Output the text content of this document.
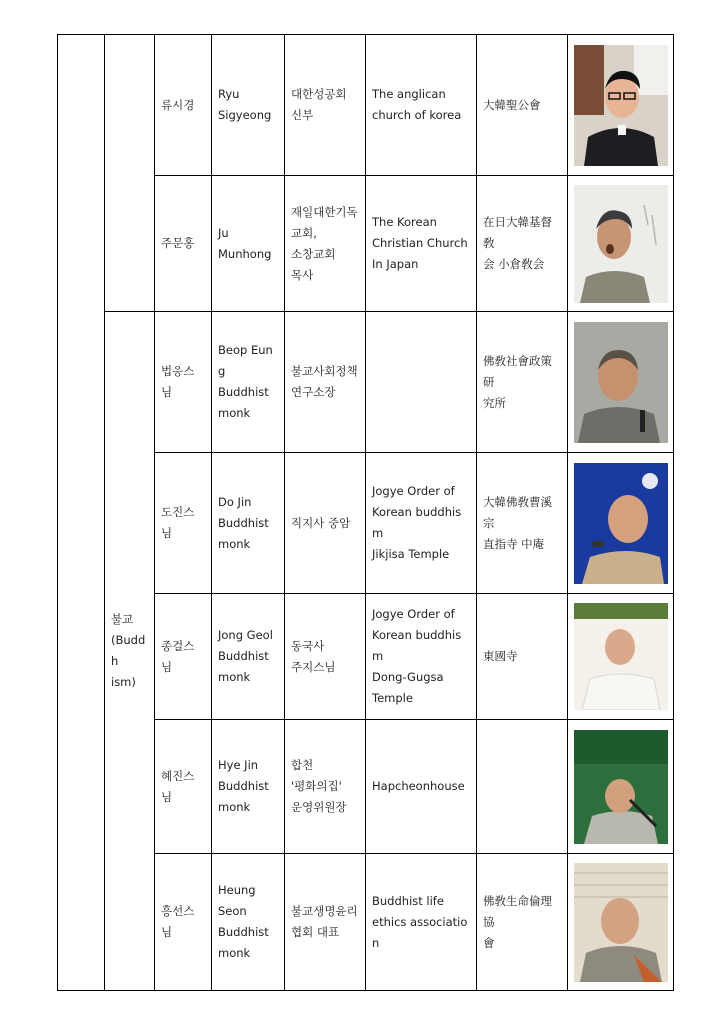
		류시경	Ryu
Sigyeong	대한성공회
신부	The anglican
church of korea	大韓聖公會	

		주문홍	Ju
Munhong	재일대한기독
교회,
소창교회
목사	The Korean
Christian Church
In Japan	在日大韓基督敎
会 小倉敎会	

	불교
(Buddh
ism)	법응스님	Beop Eung
Buddhist
monk	불교사회정책
연구소장		佛敎社會政策研
究所	

		도진스님	Do Jin
Buddhist
monk	직지사 중암	Jogye Order of
Korean buddhism
Jikjisa Temple	大韓佛敎曹溪宗
直指寺 中庵	

		종걸스님	Jong Geol
Buddhist
monk	동국사
주지스님	Jogye Order of
Korean buddhism
Dong-Gugsa
Temple	東國寺	

		혜진스님	Hye Jin
Buddhist
monk	합천
'평화의집'
운영위원장	Hapcheonhouse		

		흥선스님	Heung
Seon
Buddhist
monk	불교생명윤리
협회 대표	Buddhist life
ethics association	佛敎生命倫理協
會	
